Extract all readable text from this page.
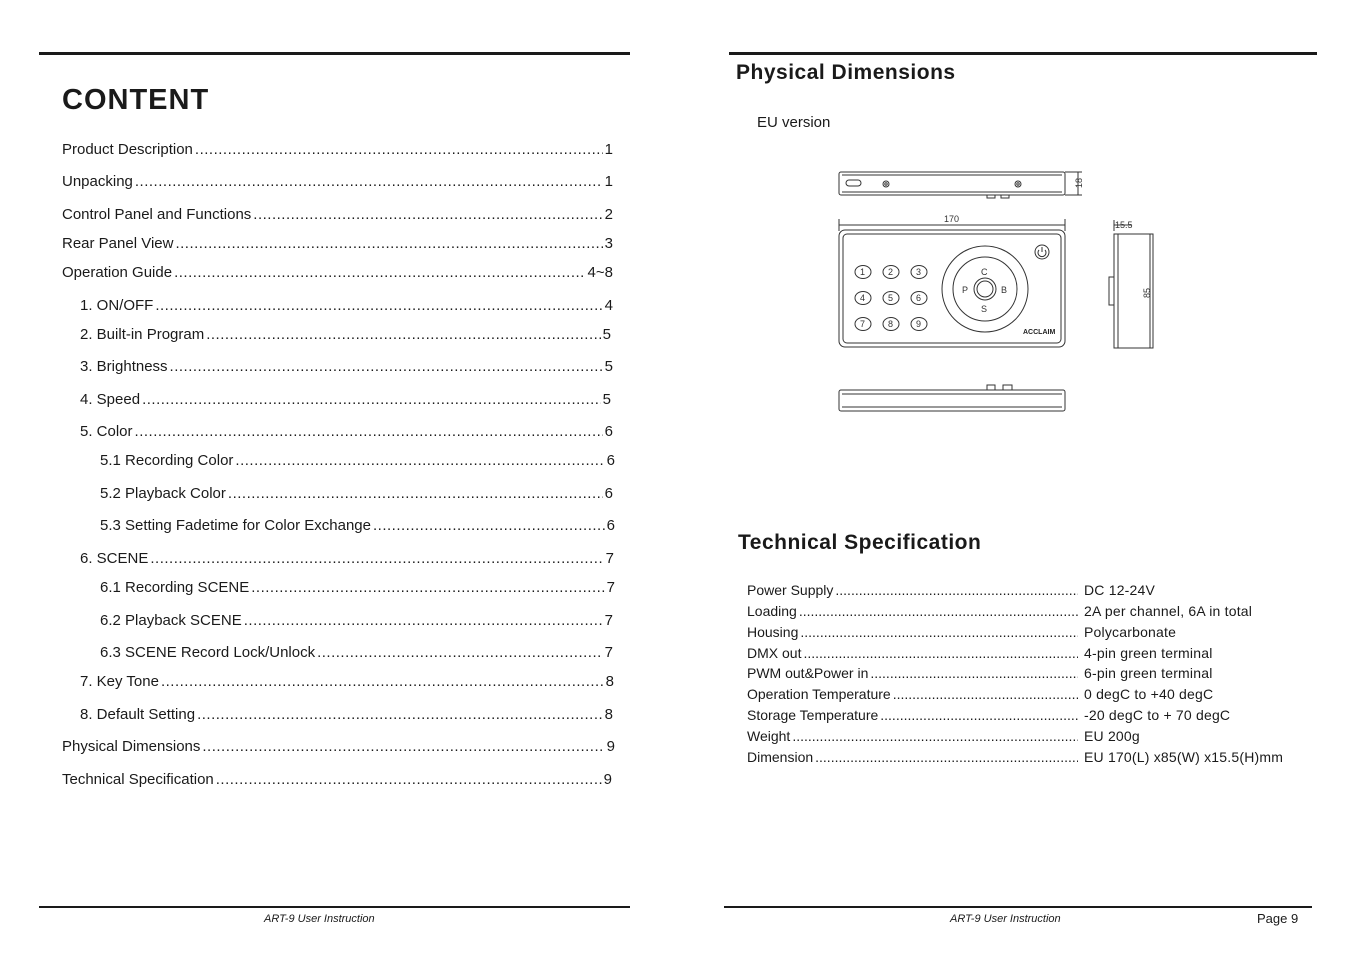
CONTENT
Product Description .....	1
Unpacking .....	1
Control Panel and Functions .....	2
Rear Panel View .....	3
Operation Guide .....	4~8
1. ON/OFF .....	4
2. Built-in Program .....	5
3. Brightness .....	5
4. Speed .....	5
5. Color .....	6
5.1 Recording Color .....	6
5.2 Playback Color .....	6
5.3 Setting Fadetime for Color Exchange .....	6
6. SCENE .....	7
6.1 Recording SCENE .....	7
6.2 Playback SCENE .....	7
6.3 SCENE Record Lock/Unlock .....	7
7. Key Tone .....	8
8. Default Setting .....	8
Physical Dimensions .....	9
Technical Specification .....	9
Physical Dimensions
EU version
18
170
1	2	3
4	5	6
7	8	9
C
P	B
S
ACCLAIM
15.5
85
Technical Specification
Power Supply .....	DC 12-24V
Loading .....	2A per channel, 6A in total
Housing .....	Polycarbonate
DMX out .....	4-pin green terminal
PWM out&Power in .....	6-pin green terminal
Operation Temperature .....	0 degC to +40 degC
Storage Temperature .....	-20 degC to + 70 degC
Weight .....	EU 200g
Dimension .....	EU 170(L) x85(W) x15.5(H)mm
ART-9 User Instruction	ART-9 User Instruction	Page 9
